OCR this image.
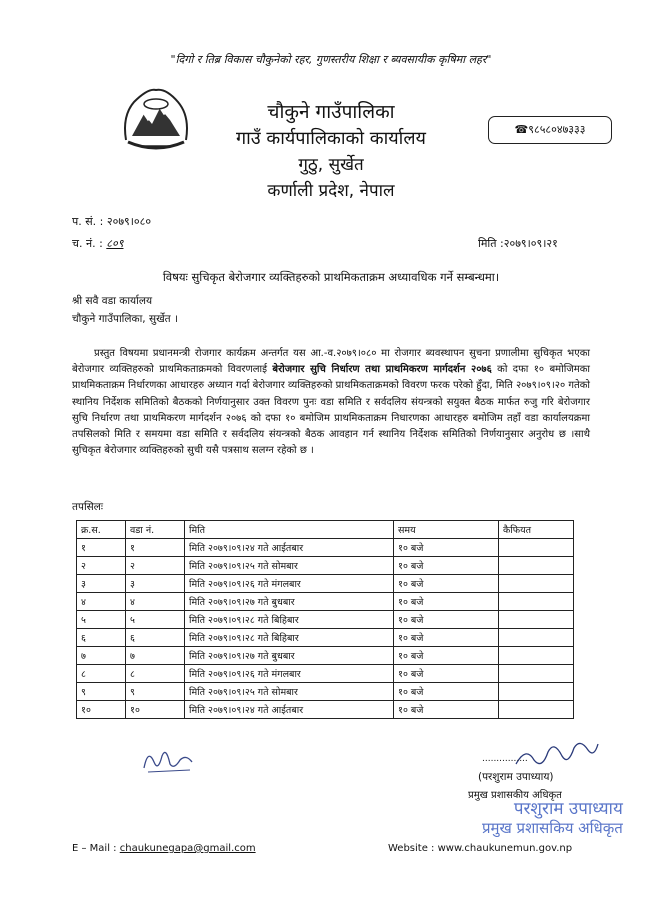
"दिगो र तिब्र विकास चौकुनेको रहर, गुणस्तरीय शिक्षा र ब्यवसायीक कृषिमा लहर"
चौकुने गाउँपालिका
गाउँ कार्यपालिकाको कार्यालय
गुठु, सुर्खेत
कर्णाली प्रदेश, नेपाल
☎९८५८०४७३३३
प. सं. : २०७९।०८०
च. नं. : ८०९	मिति :२०७९।०९।२१
विषयः सुचिकृत बेरोजगार व्यक्तिहरुको प्राथमिकताक्रम अध्यावधिक गर्ने सम्बन्धमा।
श्री सवै वडा कार्यालय
चौकुने गाउँपालिका, सुर्खेत ।
प्रस्तुत विषयमा प्रधानमन्त्री रोजगार कार्यक्रम अन्तर्गत यस आ.-व.२०७९।०८० मा रोजगार ब्यवस्थापन सुचना प्रणालीमा सुचिकृत भएका बेरोजगार व्यक्तिहरुको प्राथमिकताक्रमको विवरणलाई बेरोजगार सुचि निर्धारण तथा प्राथमिकरण मार्गदर्शन २०७६ को दफा १० बमोजिमका प्राथमिकताक्रम निर्धारणका आधारहरु अध्यान गर्दा बेरोजगार व्यक्तिहरुको प्राथमिकताक्रमको विवरण फरक परेको हुँदा, मिति २०७९।०९।२० गतेको स्थानिय निर्देशक समितिको बैठकको निर्णयानुसार उक्त विवरण पुनः वडा समिति र सर्वदलिय संयन्त्रको सयुक्त बैठक मार्फत रुजु गरि बेरोजगार सुचि निर्धारण तथा प्राथमिकरण मार्गदर्शन २०७६ को दफा १० बमोजिम प्राथमिकताक्रम निधारणका आधारहरु बमोजिम तहाँ वडा कार्यालयक्रमा तपसिलको मिति र समयमा वडा समिति र सर्वदलिय संयन्त्रको बैठक आवहान गर्न स्थानिय निर्देशक समितिको निर्णयानुसार अनुरोध छ ।साथै सुचिकृत बेरोजगार व्यक्तिहरुको सुची यसै पत्रसाथ सलग्न रहेको छ ।
तपसिलः
क्र.स.	वडा नं.	मिति	समय	कैफियत
१	१	मिति २०७९।०९।२४ गते आईतबार	१० बजे	
२	२	मिति २०७९।०९।२५ गते सोमबार	१० बजे	
३	३	मिति २०७९।०९।२६ गते मंगलबार	१० बजे	
४	४	मिति २०७९।०९।२७ गते बुधबार	१० बजे	
५	५	मिति २०७९।०९।२८ गते बिहिबार	१० बजे	
६	६	मिति २०७९।०९।२८ गते बिहिबार	१० बजे	
७	७	मिति २०७९।०९।२७ गते बुधबार	१० बजे	
८	८	मिति २०७९।०९।२६ गते मंगलबार	१० बजे	
९	९	मिति २०७९।०९।२५ गते सोमबार	१० बजे	
१०	१०	मिति २०७९।०९।२४ गते आईतबार	१० बजे	
................
(परशुराम उपाध्याय)
प्रमुख प्रशासकीय अधिकृत
परशुराम उपाध्याय
प्रमुख प्रशासकिय अधिकृत
E – Mail : chaukunegapa@gmail.com	Website : www.chaukunemun.gov.np
